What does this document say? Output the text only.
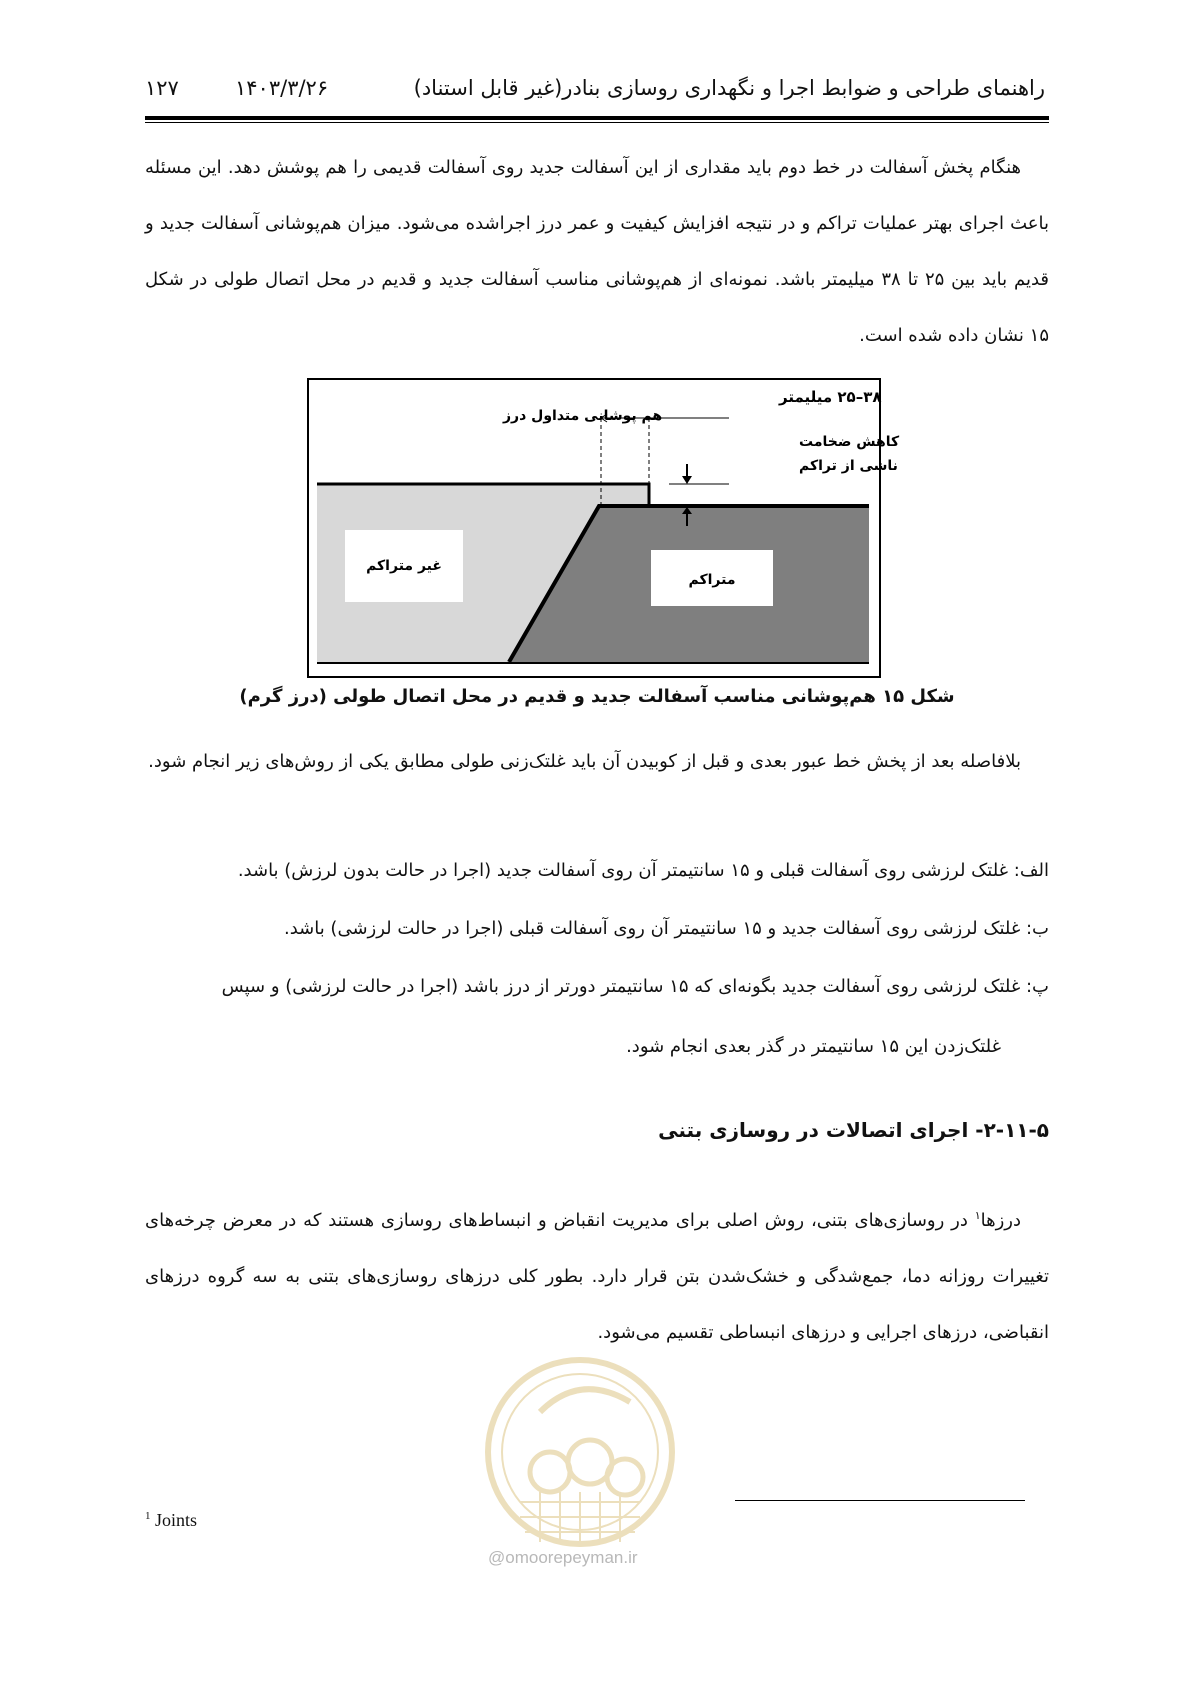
راهنمای طراحی و ضوابط اجرا و نگهداری روسازی بنادر(غیر قابل استناد)
۱۴۰۳/۳/۲۶
۱۲۷

هنگام پخش آسفالت در خط دوم باید مقداری از این آسفالت جدید روی آسفالت قدیمی را هم پوشش دهد. این مسئله باعث اجرای بهتر عملیات تراکم و در نتیجه افزایش کیفیت و عمر درز اجراشده می‌شود. میزان هم‌پوشانی آسفالت جدید و قدیم باید بین ۲۵ تا ۳۸ میلیمتر باشد. نمونه‌ای از هم‌پوشانی مناسب آسفالت جدید و قدیم در محل اتصال طولی در شکل ۱۵ نشان داده شده است.

۳۸–۲۵ میلیمتر
هم پوشانی متداول درز
کاهش ضخامت
ناشی از تراکم
غیر متراکم
متراکم
شکل ۱۵ هم‌پوشانی مناسب آسفالت جدید و قدیم در محل اتصال طولی (درز گرم)

بلافاصله بعد از پخش خط عبور بعدی و قبل از کوبیدن آن باید غلتک‌زنی طولی مطابق یکی از روش‌های زیر انجام شود.

الف: غلتک لرزشی روی آسفالت قبلی و ۱۵ سانتیمتر آن روی آسفالت جدید (اجرا در حالت بدون لرزش) باشد.
ب: غلتک لرزشی روی آسفالت جدید و ۱۵ سانتیمتر آن روی آسفالت قبلی (اجرا در حالت لرزشی) باشد.
پ: غلتک لرزشی روی آسفالت جدید بگونه‌ای که ۱۵ سانتیمتر دورتر از درز باشد (اجرا در حالت لرزشی) و سپس
غلتک‌زدن این ۱۵ سانتیمتر در گذر بعدی انجام شود.
۲-۱۱-۵- اجرای اتصالات در روسازی بتنی

درزها$^۱$ در روسازی‌های بتنی، روش اصلی برای مدیریت انقباض و انبساط‌های روسازی هستند که در معرض چرخه‌های تغییرات روزانه دما، جمع‌شدگی و خشک‌شدن بتن قرار دارد. بطور کلی درزهای روسازی‌های بتنی به سه گروه درزهای انقباضی، درزهای اجرایی و درزهای انبساطی تقسیم می‌شود.

@omoorepeyman.ir
$^1$ Joints
